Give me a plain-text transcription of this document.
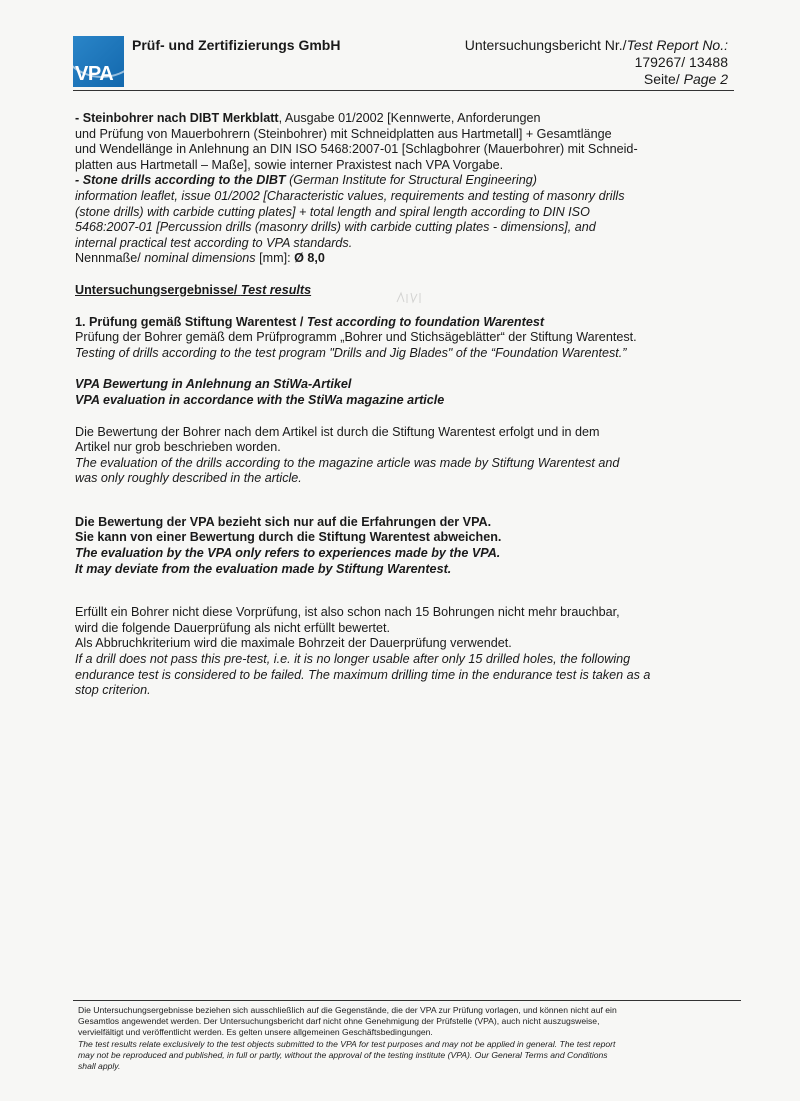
VPA
Prüf- und Zertifizierungs GmbH	Untersuchungsbericht Nr./Test Report No.:
179267/ 13488
Seite/ Page 2

- Steinbohrer nach DIBT Merkblatt, Ausgabe 01/2002 [Kennwerte, Anforderungen

und Prüfung von Mauerbohrern (Steinbohrer) mit Schneidplatten aus Hartmetall] + Gesamtlänge

und Wendellänge in Anlehnung an DIN ISO 5468:2007-01 [Schlagbohrer (Mauerbohrer) mit Schneid-

platten aus Hartmetall – Maße], sowie interner Praxistest nach VPA Vorgabe.

- Stone drills according to the DIBT (German Institute for Structural Engineering)

information leaflet, issue 01/2002 [Characteristic values, requirements and testing of masonry drills

(stone drills) with carbide cutting plates] + total length and spiral length according to DIN ISO

5468:2007-01 [Percussion drills (masonry drills) with carbide cutting plates - dimensions], and

internal practical test according to VPA standards.

Nennmaße/ nominal dimensions [mm]: Ø 8,0

Untersuchungsergebnisse/ Test results

1. Prüfung gemäß Stiftung Warentest / Test according to foundation Warentest

Prüfung der Bohrer gemäß dem Prüfprogramm „Bohrer und Stichsägeblätter“ der Stiftung Warentest.

Testing of drills according to the test program "Drills and Jig Blades" of the “Foundation Warentest.”

VPA Bewertung in Anlehnung an StiWa-Artikel

VPA evaluation in accordance with the StiWa magazine article

Die Bewertung der Bohrer nach dem Artikel ist durch die Stiftung Warentest erfolgt und in dem

Artikel nur grob beschrieben worden.

The evaluation of the drills according to the magazine article was made by Stiftung Warentest and

was only roughly described in the article.

Die Bewertung der VPA bezieht sich nur auf die Erfahrungen der VPA.

Sie kann von einer Bewertung durch die Stiftung Warentest abweichen.

The evaluation by the VPA only refers to experiences made by the VPA.

It may deviate from the evaluation made by Stiftung Warentest.

Erfüllt ein Bohrer nicht diese Vorprüfung, ist also schon nach 15 Bohrungen nicht mehr brauchbar,

wird die folgende Dauerprüfung als nicht erfüllt bewertet.

Als Abbruchkriterium wird die maximale Bohrzeit der Dauerprüfung verwendet.

If a drill does not pass this pre-test, i.e. it is no longer usable after only 15 drilled holes, the following

endurance test is considered to be failed. The maximum drilling time in the endurance test is taken as a

stop criterion.

Die Untersuchungsergebnisse beziehen sich ausschließlich auf die Gegenstände, die der VPA zur Prüfung vorlagen, und können nicht auf ein

Gesamtlos angewendet werden. Der Untersuchungsbericht darf nicht ohne Genehmigung der Prüfstelle (VPA), auch nicht auszugsweise,

vervielfältigt und veröffentlicht werden. Es gelten unsere allgemeinen Geschäftsbedingungen.

The test results relate exclusively to the test objects submitted to the VPA for test purposes and may not be applied in general. The test report

may not be reproduced and published, in full or partly, without the approval of the testing institute (VPA). Our General Terms and Conditions

shall apply.
